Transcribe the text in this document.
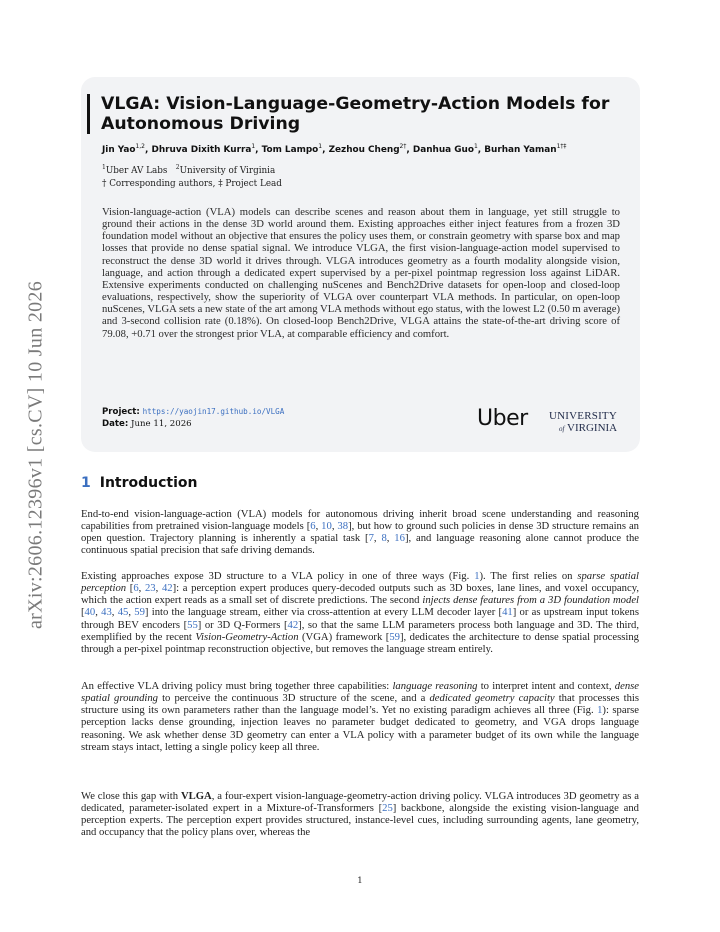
arXiv:2606.12396v1 [cs.CV] 10 Jun 2026
VLGA: Vision-Language-Geometry-Action Models for Autonomous Driving
Jin Yao$^{1,2}$, Dhruva Dixith Kurra$^1$, Tom Lampo$^1$, Zezhou Cheng$^{2\dagger}$, Danhua Guo$^1$, Burhan Yaman$^{1\dagger\ddagger}$
$^1$Uber AV Labs $^2$University of Virginia
† Corresponding authors, ‡ Project Lead
Vision-language-action (VLA) models can describe scenes and reason about them in language, yet still struggle to ground their actions in the dense 3D world around them. Existing approaches either inject features from a frozen 3D foundation model without an objective that ensures the policy uses them, or constrain geometry with sparse box and map losses that provide no dense spatial signal. We introduce VLGA, the first vision-language-action model supervised to reconstruct the dense 3D world it drives through. VLGA introduces geometry as a fourth modality alongside vision, language, and action through a dedicated expert supervised by a per-pixel pointmap regression loss against LiDAR. Extensive experiments conducted on challenging nuScenes and Bench2Drive datasets for open-loop and closed-loop evaluations, respectively, show the superiority of VLGA over counterpart VLA methods. In particular, on open-loop nuScenes, VLGA sets a new state of the art among VLA methods without ego status, with the lowest L2 (0.50 m average) and 3-second collision rate (0.18%). On closed-loop Bench2Drive, VLGA attains the state-of-the-art driving score of 79.08, +0.71 over the strongest prior VLA, at comparable efficiency and comfort.
Project: https://yaojin17.github.io/VLGA
Date: June 11, 2026	Uber UNIVERSITY
of VIRGINIA
1 Introduction

End-to-end vision-language-action (VLA) models for autonomous driving inherit broad scene understanding and reasoning capabilities from pretrained vision-language models [6, 10, 38], but how to ground such policies in dense 3D structure remains an open question. Trajectory planning is inherently a spatial task [7, 8, 16], and language reasoning alone cannot produce the continuous spatial precision that safe driving demands.

Existing approaches expose 3D structure to a VLA policy in one of three ways (Fig. 1). The first relies on sparse spatial perception [6, 23, 42]: a perception expert produces query-decoded outputs such as 3D boxes, lane lines, and voxel occupancy, which the action expert reads as a small set of discrete predictions. The second injects dense features from a 3D foundation model [40, 43, 45, 59] into the language stream, either via cross-attention at every LLM decoder layer [41] or as upstream input tokens through BEV encoders [55] or 3D Q-Formers [42], so that the same LLM parameters process both language and 3D. The third, exemplified by the recent Vision-Geometry-Action (VGA) framework [59], dedicates the architecture to dense spatial processing through a per-pixel pointmap reconstruction objective, but removes the language stream entirely.

An effective VLA driving policy must bring together three capabilities: language reasoning to interpret intent and context, dense spatial grounding to perceive the continuous 3D structure of the scene, and a dedicated geometry capacity that processes this structure using its own parameters rather than the language model’s. Yet no existing paradigm achieves all three (Fig. 1): sparse perception lacks dense grounding, injection leaves no parameter budget dedicated to geometry, and VGA drops language reasoning. We ask whether dense 3D geometry can enter a VLA policy with a parameter budget of its own while the language stream stays intact, letting a single policy keep all three.

We close this gap with VLGA, a four-expert vision-language-geometry-action driving policy. VLGA introduces 3D geometry as a dedicated, parameter-isolated expert in a Mixture-of-Transformers [25] backbone, alongside the existing vision-language and perception experts. The perception expert provides structured, instance-level cues, including surrounding agents, lane geometry, and occupancy that the policy plans over, whereas the

1
